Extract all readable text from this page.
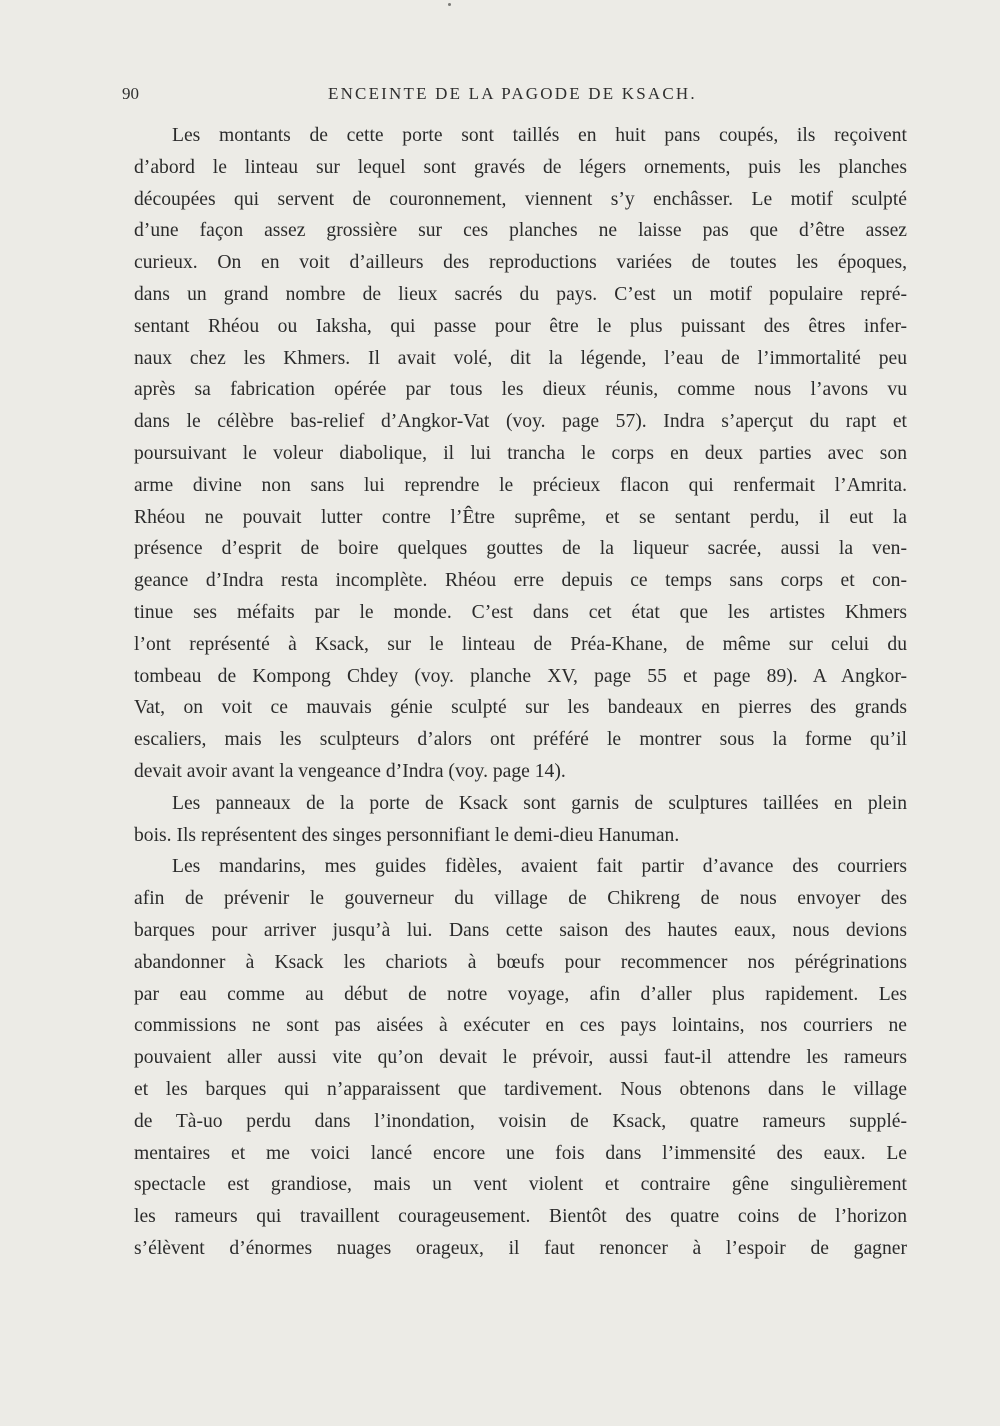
90	ENCEINTE DE LA PAGODE DE KSACH.
Les montants de cette porte sont taillés en huit pans coupés, ils reçoivent
d’abord le linteau sur lequel sont gravés de légers ornements, puis les planches
découpées qui servent de couronnement, viennent s’y enchâsser. Le motif sculpté
d’une façon assez grossière sur ces planches ne laisse pas que d’être assez
curieux. On en voit d’ailleurs des reproductions variées de toutes les époques,
dans un grand nombre de lieux sacrés du pays. C’est un motif populaire repré-
sentant Rhéou ou Iaksha, qui passe pour être le plus puissant des êtres infer-
naux chez les Khmers. Il avait volé, dit la légende, l’eau de l’immortalité peu
après sa fabrication opérée par tous les dieux réunis, comme nous l’avons vu
dans le célèbre bas-relief d’Angkor-Vat (voy. page 57). Indra s’aperçut du rapt et
poursuivant le voleur diabolique, il lui trancha le corps en deux parties avec son
arme divine non sans lui reprendre le précieux flacon qui renfermait l’Amrita.
Rhéou ne pouvait lutter contre l’Être suprême, et se sentant perdu, il eut la
présence d’esprit de boire quelques gouttes de la liqueur sacrée, aussi la ven-
geance d’Indra resta incomplète. Rhéou erre depuis ce temps sans corps et con-
tinue ses méfaits par le monde. C’est dans cet état que les artistes Khmers
l’ont représenté à Ksack, sur le linteau de Préa-Khane, de même sur celui du
tombeau de Kompong Chdey (voy. planche XV, page 55 et page 89). A Angkor-
Vat, on voit ce mauvais génie sculpté sur les bandeaux en pierres des grands
escaliers, mais les sculpteurs d’alors ont préféré le montrer sous la forme qu’il
devait avoir avant la vengeance d’Indra (voy. page 14).
Les panneaux de la porte de Ksack sont garnis de sculptures taillées en plein
bois. Ils représentent des singes personnifiant le demi-dieu Hanuman.
Les mandarins, mes guides fidèles, avaient fait partir d’avance des courriers
afin de prévenir le gouverneur du village de Chikreng de nous envoyer des
barques pour arriver jusqu’à lui. Dans cette saison des hautes eaux, nous devions
abandonner à Ksack les chariots à bœufs pour recommencer nos pérégrinations
par eau comme au début de notre voyage, afin d’aller plus rapidement. Les
commissions ne sont pas aisées à exécuter en ces pays lointains, nos courriers ne
pouvaient aller aussi vite qu’on devait le prévoir, aussi faut-il attendre les rameurs
et les barques qui n’apparaissent que tardivement. Nous obtenons dans le village
de Tà-uo perdu dans l’inondation, voisin de Ksack, quatre rameurs supplé-
mentaires et me voici lancé encore une fois dans l’immensité des eaux. Le
spectacle est grandiose, mais un vent violent et contraire gêne singulièrement
les rameurs qui travaillent courageusement. Bientôt des quatre coins de l’horizon
s’élèvent d’énormes nuages orageux, il faut renoncer à l’espoir de gagner
